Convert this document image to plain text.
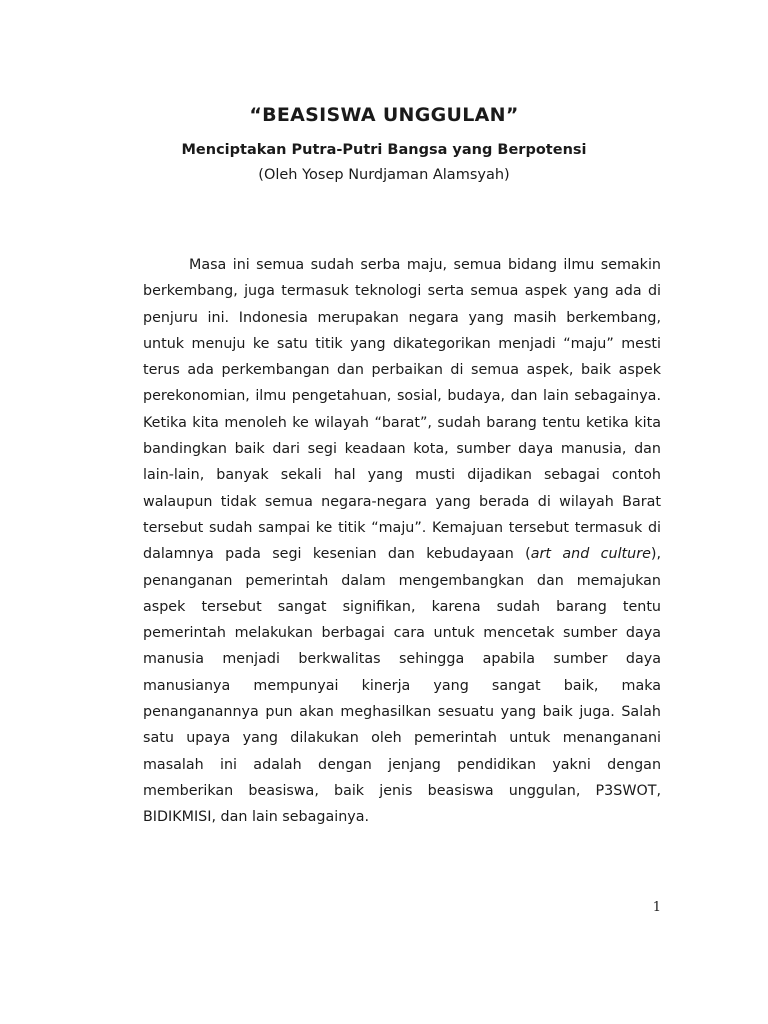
“BEASISWA UNGGULAN”
Menciptakan Putra-Putri Bangsa yang Berpotensi
(Oleh Yosep Nurdjaman Alamsyah)

Masa ini semua sudah serba maju, semua bidang ilmu semakin berkembang, juga termasuk teknologi serta semua aspek yang ada di penjuru ini. Indonesia merupakan negara yang masih berkembang, untuk menuju ke satu titik yang dikategorikan menjadi “maju” mesti terus ada perkembangan dan perbaikan di semua aspek, baik aspek perekonomian, ilmu pengetahuan, sosial, budaya, dan lain sebagainya. Ketika kita menoleh ke wilayah “barat”, sudah barang tentu ketika kita bandingkan baik dari segi keadaan kota, sumber daya manusia, dan lain-lain, banyak sekali hal yang musti dijadikan sebagai contoh walaupun tidak semua negara-negara yang berada di wilayah Barat tersebut sudah sampai ke titik “maju”. Kemajuan tersebut termasuk di dalamnya pada segi kesenian dan kebudayaan (art and culture), penanganan pemerintah dalam mengembangkan dan memajukan aspek tersebut sangat signifikan, karena sudah barang tentu pemerintah melakukan berbagai cara untuk mencetak sumber daya manusia menjadi berkwalitas sehingga apabila sumber daya manusianya mempunyai kinerja yang sangat baik, maka penanganannya pun akan meghasilkan sesuatu yang baik juga. Salah satu upaya yang dilakukan oleh pemerintah untuk menanganani masalah ini adalah dengan jenjang pendidikan yakni dengan memberikan beasiswa, baik jenis beasiswa unggulan, P3SWOT, BIDIKMISI, dan lain sebagainya.

1
